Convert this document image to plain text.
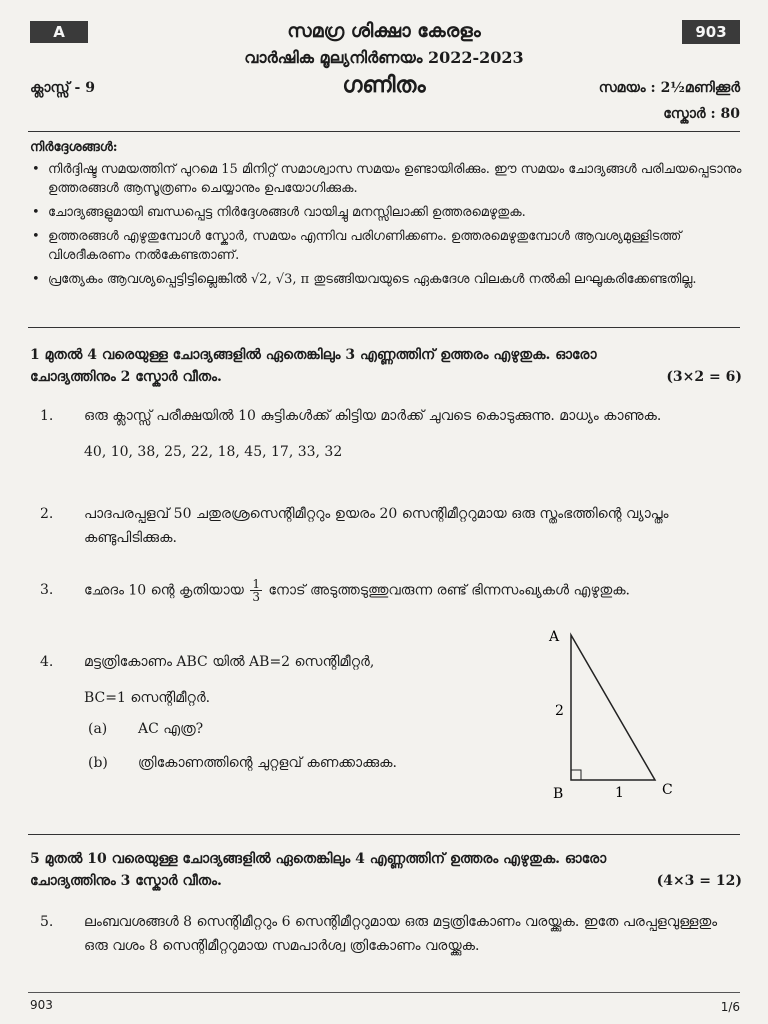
A	903
സമഗ്ര ശിക്ഷാ കേരളം
വാർഷിക മൂല്യനിർണയം 2022-2023
ഗണിതം
ക്ലാസ്സ് - 9	സമയം : 2½മണിക്കൂർ
സ്കോർ : 80
നിർദ്ദേശങ്ങൾ:
• നിർദ്ദിഷ്ട സമയത്തിന് പുറമെ 15 മിനിറ്റ് സമാശ്വാസ സമയം ഉണ്ടായിരിക്കും. ഈ സമയം ചോദ്യങ്ങൾ പരിചയപ്പെടാനും ഉത്തരങ്ങൾ ആസൂത്രണം ചെയ്യാനും ഉപയോഗിക്കുക.
• ചോദ്യങ്ങളുമായി ബന്ധപ്പെട്ട നിർദ്ദേശങ്ങൾ വായിച്ചു മനസ്സിലാക്കി ഉത്തരമെഴുതുക.
• ഉത്തരങ്ങൾ എഴുതുമ്പോൾ സ്കോർ, സമയം എന്നിവ പരിഗണിക്കണം. ഉത്തരമെഴുതുമ്പോൾ ആവശ്യമുള്ളിടത്ത് വിശദീകരണം നൽകേണ്ടതാണ്.
• പ്രത്യേകം ആവശ്യപ്പെട്ടിട്ടില്ലെങ്കിൽ √2, √3, π തുടങ്ങിയവയുടെ ഏകദേശ വിലകൾ നൽകി ലഘൂകരിക്കേണ്ടതില്ല.
1 മുതൽ 4 വരെയുള്ള ചോദ്യങ്ങളിൽ ഏതെങ്കിലും 3 എണ്ണത്തിന് ഉത്തരം എഴുതുക. ഓരോ ചോദ്യത്തിനും 2 സ്കോർ വീതം.	(3×2 = 6)
1. ഒരു ക്ലാസ്സ് പരീക്ഷയിൽ 10 കുട്ടികൾക്ക് കിട്ടിയ മാർക്ക് ചുവടെ കൊടുക്കുന്നു. മാധ്യം കാണുക.
40, 10, 38, 25, 22, 18, 45, 17, 33, 32
2. പാദപരപ്പളവ് 50 ചതുരശ്രസെന്റിമീറ്ററും ഉയരം 20 സെന്റിമീറ്ററുമായ ഒരു സ്തംഭത്തിന്റെ വ്യാപ്തം കണ്ടുപിടിക്കുക.
3. ഛേദം 10 ന്റെ കൃതിയായ $\frac{1}{3}$ നോട് അടുത്തടുത്തുവരുന്ന രണ്ട് ഭിന്നസംഖ്യകൾ എഴുതുക.
4. മട്ടത്രികോണം ABC യിൽ AB=2 സെന്റിമീറ്റർ,
BC=1 സെന്റിമീറ്റർ.
(a) AC എത്ര?
(b) ത്രികോണത്തിന്റെ ചുറ്റളവ് കണക്കാക്കുക.
A
B	C
2
1
5 മുതൽ 10 വരെയുള്ള ചോദ്യങ്ങളിൽ ഏതെങ്കിലും 4 എണ്ണത്തിന് ഉത്തരം എഴുതുക. ഓരോ ചോദ്യത്തിനും 3 സ്കോർ വീതം.	(4×3 = 12)
5. ലംബവശങ്ങൾ 8 സെന്റിമീറ്ററും 6 സെന്റിമീറ്ററുമായ ഒരു മട്ടത്രികോണം വരയ്ക്കുക. ഇതേ പരപ്പളവുള്ളതും ഒരു വശം 8 സെന്റിമീറ്ററുമായ സമപാർശ്വ ത്രികോണം വരയ്ക്കുക.
903	1/6
